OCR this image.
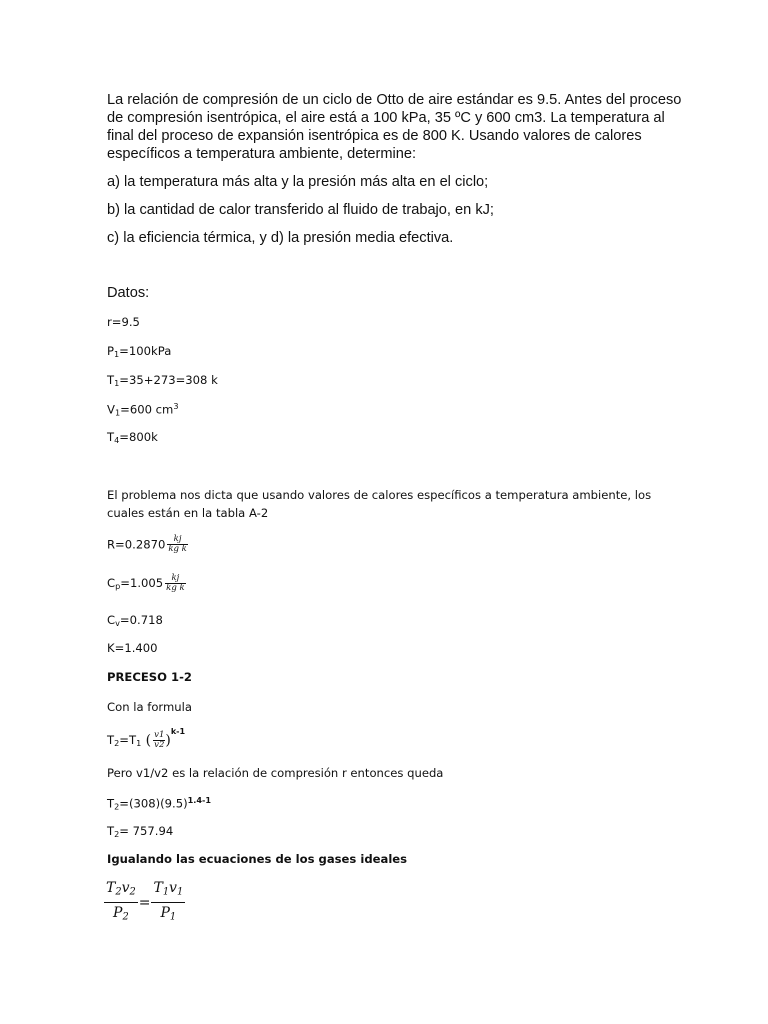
La relación de compresión de un ciclo de Otto de aire estándar es 9.5. Antes del proceso de compresión isentrópica, el aire está a 100 kPa, 35 ºC y 600 cm3. La temperatura al final del proceso de expansión isentrópica es de 800 K. Usando valores de calores específicos a temperatura ambiente, determine:

a) la temperatura más alta y la presión más alta en el ciclo;

b) la cantidad de calor transferido al fluido de trabajo, en kJ;

c) la eficiencia térmica, y d) la presión media efectiva.

Datos:

r=9.5

$P_1=100kPa$

$T_1=35+273=308$ k

$V_1=600$ $cm^3$

$T_4=800k$

El problema nos dicta que usando valores de calores específicos a temperatura ambiente, los

cuales están en la tabla A-2

$R=0.2870 \frac{kj}{\text{kg k}}$

$C_p=1.005 \frac{kj}{\text{kg k}}$

$C_v=0.718$

K=1.400

PRECESO 1-2

Con la formula

$T_2=T_1$ ( $\frac{v1}{v2} )^{k-1}$

Pero v1/v2 es la relación de compresión r entonces queda

$T_2=(308)(9.5)^{1.4-1}$

$T_2= 757.94$

Igualando las ecuaciones de los gases ideales

$\frac{T_2v_2}{P_2} = \frac{T_1v_1}{P_1}$
